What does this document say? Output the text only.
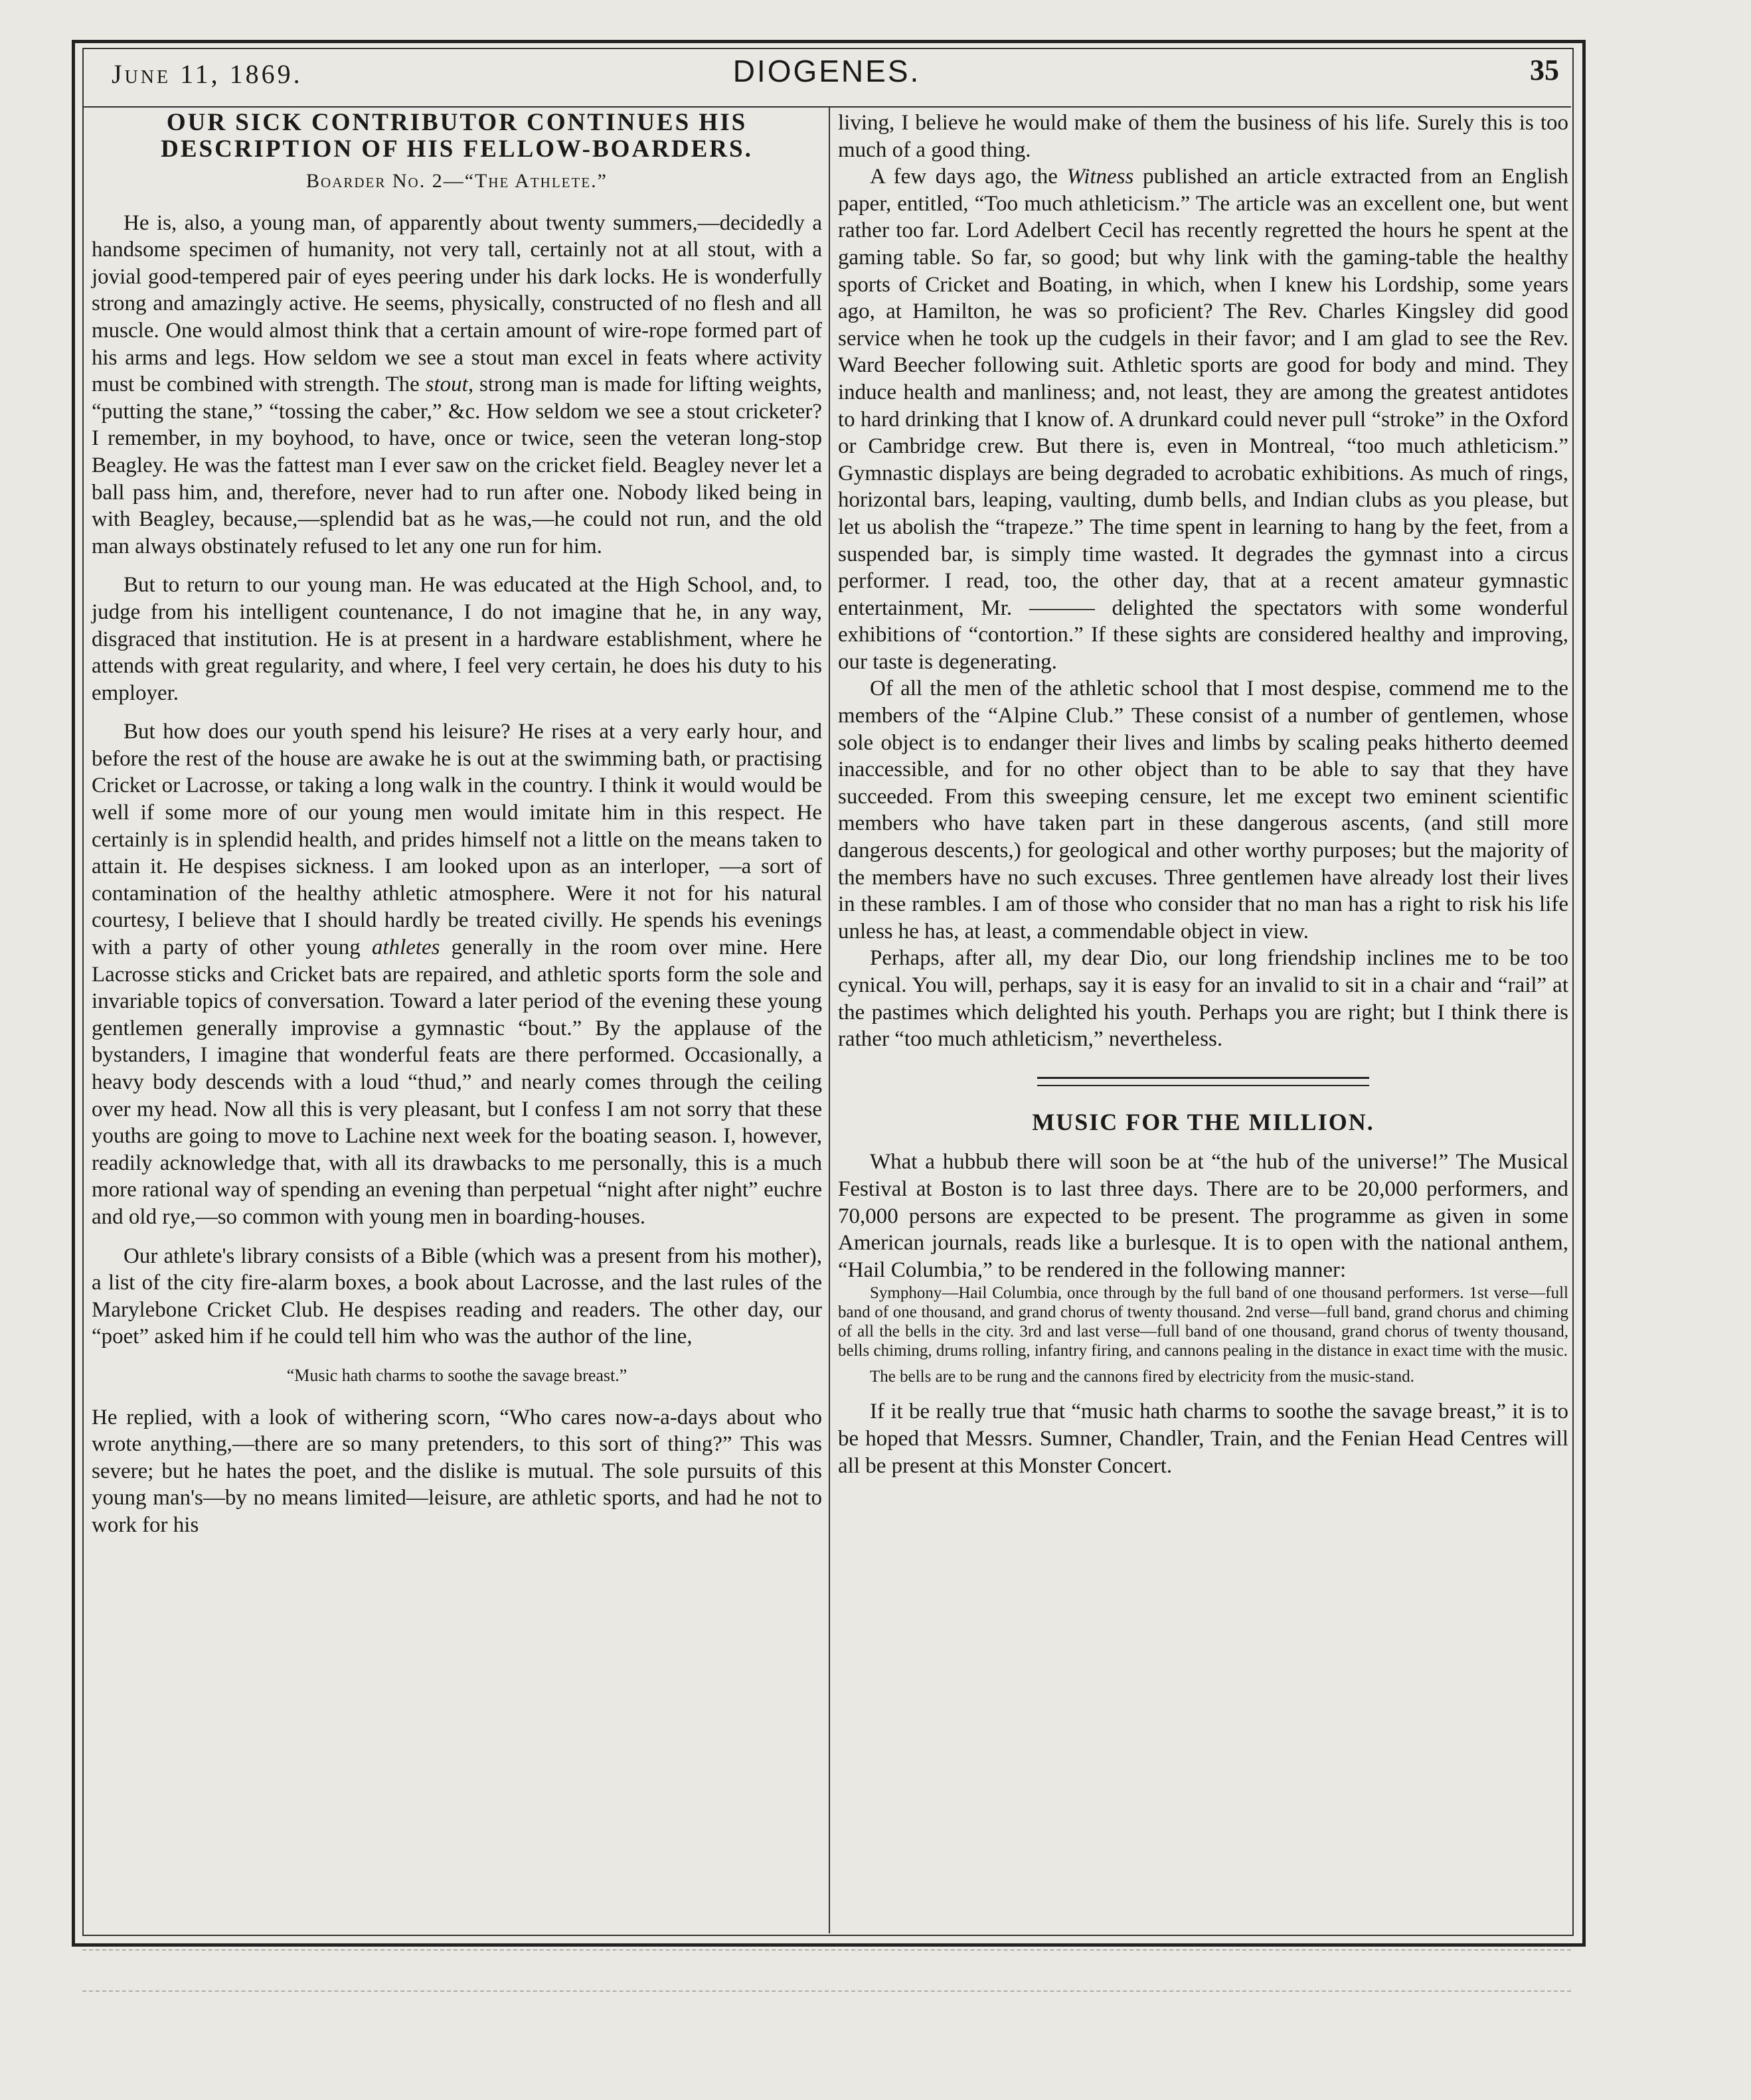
June 11, 1869.	DIOGENES.	35
OUR SICK CONTRIBUTOR CONTINUES HIS DESCRIPTION OF HIS FELLOW-BOARDERS.
Boarder No. 2—“The Athlete.”

He is, also, a young man, of apparently about twenty summers,—decidedly a handsome specimen of humanity, not very tall, certainly not at all stout, with a jovial good-tempered pair of eyes peering under his dark locks. He is wonderfully strong and amazingly active. He seems, physically, constructed of no flesh and all muscle. One would almost think that a certain amount of wire-rope formed part of his arms and legs. How seldom we see a stout man excel in feats where activity must be combined with strength. The stout, strong man is made for lifting weights, “putting the stane,” “tossing the caber,” &c. How seldom we see a stout cricketer? I remember, in my boyhood, to have, once or twice, seen the veteran long-stop Beagley. He was the fattest man I ever saw on the cricket field. Beagley never let a ball pass him, and, therefore, never had to run after one. Nobody liked being in with Beagley, because,—splendid bat as he was,—he could not run, and the old man always obstinately refused to let any one run for him.

But to return to our young man. He was educated at the High School, and, to judge from his intelligent countenance, I do not imagine that he, in any way, disgraced that institution. He is at present in a hardware establishment, where he attends with great regularity, and where, I feel very certain, he does his duty to his employer.

But how does our youth spend his leisure? He rises at a very early hour, and before the rest of the house are awake he is out at the swimming bath, or practising Cricket or Lacrosse, or taking a long walk in the country. I think it would would be well if some more of our young men would imitate him in this respect. He certainly is in splendid health, and prides himself not a little on the means taken to attain it. He despises sickness. I am looked upon as an interloper, —a sort of contamination of the healthy athletic atmosphere. Were it not for his natural courtesy, I believe that I should hardly be treated civilly. He spends his evenings with a party of other young athletes generally in the room over mine. Here Lacrosse sticks and Cricket bats are repaired, and athletic sports form the sole and invariable topics of conversation. Toward a later period of the evening these young gentlemen generally improvise a gymnastic “bout.” By the applause of the bystanders, I imagine that wonderful feats are there performed. Occasionally, a heavy body descends with a loud “thud,” and nearly comes through the ceiling over my head. Now all this is very pleasant, but I confess I am not sorry that these youths are going to move to Lachine next week for the boating season. I, however, readily acknowledge that, with all its drawbacks to me personally, this is a much more rational way of spending an evening than perpetual “night after night” euchre and old rye,—so common with young men in boarding-houses.

Our athlete's library consists of a Bible (which was a present from his mother), a list of the city fire-alarm boxes, a book about Lacrosse, and the last rules of the Marylebone Cricket Club. He despises reading and readers. The other day, our “poet” asked him if he could tell him who was the author of the line,

“Music hath charms to soothe the savage breast.”

He replied, with a look of withering scorn, “Who cares now-a-days about who wrote anything,—there are so many pretenders, to this sort of thing?” This was severe; but he hates the poet, and the dislike is mutual. The sole pursuits of this young man's—by no means limited—leisure, are athletic sports, and had he not to work for his

living, I believe he would make of them the business of his life. Surely this is too much of a good thing.

A few days ago, the Witness published an article extracted from an English paper, entitled, “Too much athleticism.” The article was an excellent one, but went rather too far. Lord Adelbert Cecil has recently regretted the hours he spent at the gaming table. So far, so good; but why link with the gaming-table the healthy sports of Cricket and Boating, in which, when I knew his Lordship, some years ago, at Hamilton, he was so proficient? The Rev. Charles Kingsley did good service when he took up the cudgels in their favor; and I am glad to see the Rev. Ward Beecher following suit. Athletic sports are good for body and mind. They induce health and manliness; and, not least, they are among the greatest antidotes to hard drinking that I know of. A drunkard could never pull “stroke” in the Oxford or Cambridge crew. But there is, even in Montreal, “too much athleticism.” Gymnastic displays are being degraded to acrobatic exhibitions. As much of rings, horizontal bars, leaping, vaulting, dumb bells, and Indian clubs as you please, but let us abolish the “trapeze.” The time spent in learning to hang by the feet, from a suspended bar, is simply time wasted. It degrades the gymnast into a circus performer. I read, too, the other day, that at a recent amateur gymnastic entertainment, Mr. ——— delighted the spectators with some wonderful exhibitions of “contortion.” If these sights are considered healthy and improving, our taste is degenerating.

Of all the men of the athletic school that I most despise, commend me to the members of the “Alpine Club.” These consist of a number of gentlemen, whose sole object is to endanger their lives and limbs by scaling peaks hitherto deemed inaccessible, and for no other object than to be able to say that they have succeeded. From this sweeping censure, let me except two eminent scientific members who have taken part in these dangerous ascents, (and still more dangerous descents,) for geological and other worthy purposes; but the majority of the members have no such excuses. Three gentlemen have already lost their lives in these rambles. I am of those who consider that no man has a right to risk his life unless he has, at least, a commendable object in view.

Perhaps, after all, my dear Dio, our long friendship inclines me to be too cynical. You will, perhaps, say it is easy for an invalid to sit in a chair and “rail” at the pastimes which delighted his youth. Perhaps you are right; but I think there is rather “too much athleticism,” nevertheless.

MUSIC FOR THE MILLION.

What a hubbub there will soon be at “the hub of the universe!” The Musical Festival at Boston is to last three days. There are to be 20,000 performers, and 70,000 persons are expected to be present. The programme as given in some American journals, reads like a burlesque. It is to open with the national anthem, “Hail Columbia,” to be rendered in the following manner:

Symphony—Hail Columbia, once through by the full band of one thousand performers. 1st verse—full band of one thousand, and grand chorus of twenty thousand. 2nd verse—full band, grand chorus and chiming of all the bells in the city. 3rd and last verse—full band of one thousand, grand chorus of twenty thousand, bells chiming, drums rolling, infantry firing, and cannons pealing in the distance in exact time with the music.

The bells are to be rung and the cannons fired by electricity from the music-stand.

If it be really true that “music hath charms to soothe the savage breast,” it is to be hoped that Messrs. Sumner, Chandler, Train, and the Fenian Head Centres will all be present at this Monster Concert.
